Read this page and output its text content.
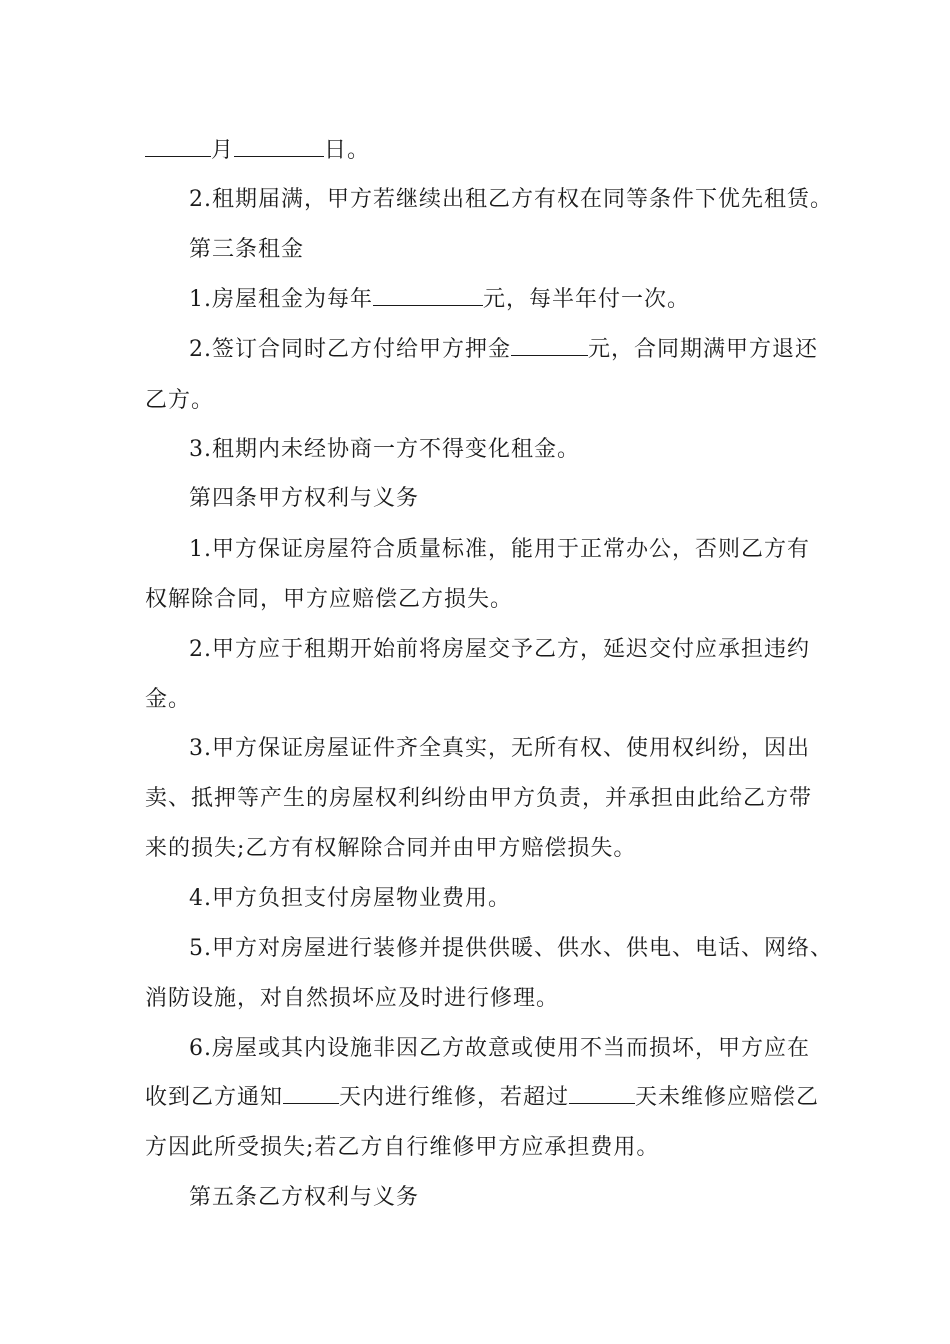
月	日。
2.租期届满，甲方若继续出租乙方有权在同等条件下优先租赁。
第三条租金
1.房屋租金为每年	元，每半年付一次。
2.签订合同时乙方付给甲方押金	元，合同期满甲方退还
乙方。
3.租期内未经协商一方不得变化租金。
第四条甲方权利与义务
1.甲方保证房屋符合质量标准，能用于正常办公，否则乙方有
权解除合同，甲方应赔偿乙方损失。
2.甲方应于租期开始前将房屋交予乙方，延迟交付应承担违约
金。
3.甲方保证房屋证件齐全真实，无所有权、使用权纠纷，因出
卖、抵押等产生的房屋权利纠纷由甲方负责，并承担由此给乙方带
来的损失;乙方有权解除合同并由甲方赔偿损失。
4.甲方负担支付房屋物业费用。
5.甲方对房屋进行装修并提供供暖、供水、供电、电话、网络、
消防设施，对自然损坏应及时进行修理。
6.房屋或其内设施非因乙方故意或使用不当而损坏，甲方应在
收到乙方通知	天内进行维修，若超过	天未维修应赔偿乙
方因此所受损失;若乙方自行维修甲方应承担费用。
第五条乙方权利与义务
